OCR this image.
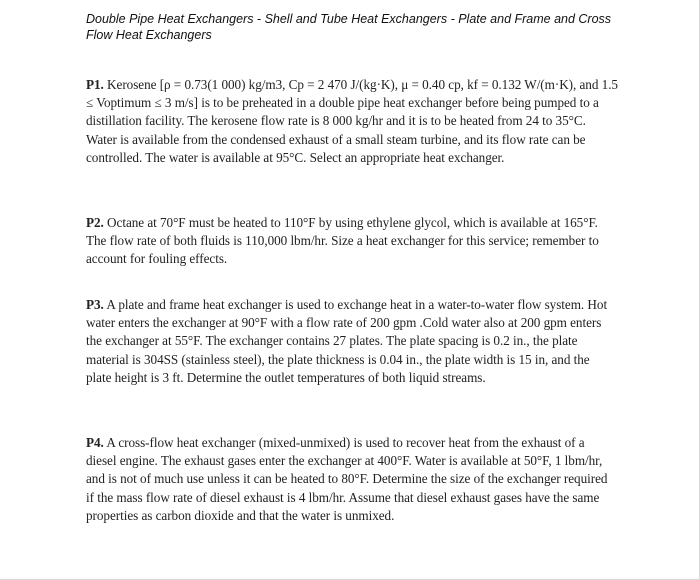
Double Pipe Heat Exchangers - Shell and Tube Heat Exchangers - Plate and Frame and Cross Flow Heat Exchangers

P1. Kerosene [ρ = 0.73(1 000) kg/m3, Cp = 2 470 J/(kg·K), μ = 0.40 cp, kf = 0.132 W/(m·K), and 1.5 ≤ Voptimum ≤ 3 m/s] is to be preheated in a double pipe heat exchanger before being pumped to a distillation facility. The kerosene flow rate is 8 000 kg/hr and it is to be heated from 24 to 35°C. Water is available from the condensed exhaust of a small steam turbine, and its flow rate can be controlled. The water is available at 95°C. Select an appropriate heat exchanger.

P2. Octane at 70°F must be heated to 110°F by using ethylene glycol, which is available at 165°F. The flow rate of both fluids is 110,000 lbm/hr. Size a heat exchanger for this service; remember to account for fouling effects.

P3. A plate and frame heat exchanger is used to exchange heat in a water-to-water flow system. Hot water enters the exchanger at 90°F with a flow rate of 200 gpm .Cold water also at 200 gpm enters the exchanger at 55°F. The exchanger contains 27 plates. The plate spacing is 0.2 in., the plate material is 304SS (stainless steel), the plate thickness is 0.04 in., the plate width is 15 in, and the plate height is 3 ft. Determine the outlet temperatures of both liquid streams.

P4. A cross-flow heat exchanger (mixed-unmixed) is used to recover heat from the exhaust of a diesel engine. The exhaust gases enter the exchanger at 400°F. Water is available at 50°F, 1 lbm/hr, and is not of much use unless it can be heated to 80°F. Determine the size of the exchanger required if the mass flow rate of diesel exhaust is 4 lbm/hr. Assume that diesel exhaust gases have the same properties as carbon dioxide and that the water is unmixed.
